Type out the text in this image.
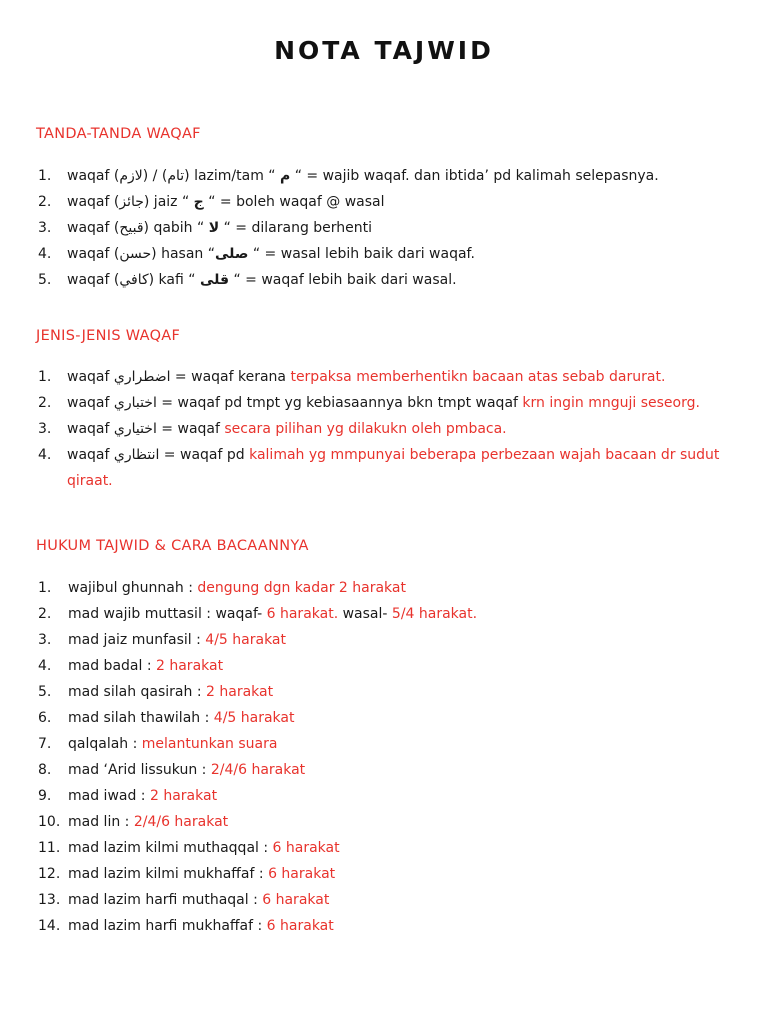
NOTA TAJWID
TANDA-TANDA WAQAF
1.	waqaf (لازم) / (تام) lazim/tam “ م “ = wajib waqaf. dan ibtida’ pd kalimah selepasnya.
2.	waqaf (جائز) jaiz “ ج “ = boleh waqaf @ wasal
3.	waqaf (قبيح) qabih “ لا “ = dilarang berhenti
4.	waqaf (حسن) hasan “صلى “ = wasal lebih baik dari waqaf.
5.	waqaf (كافي) kafi “ قلى “ = waqaf lebih baik dari wasal.
JENIS-JENIS WAQAF
1.	waqaf اضطراري = waqaf kerana terpaksa memberhentikn bacaan atas sebab darurat.
2.	waqaf اختباري = waqaf pd tmpt yg kebiasaannya bkn tmpt waqaf krn ingin mnguji seseorg.
3.	waqaf اختياري = waqaf secara pilihan yg dilakukn oleh pmbaca.
4.	waqaf انتظاري = waqaf pd kalimah yg mmpunyai beberapa perbezaan wajah bacaan dr sudut qiraat.
HUKUM TAJWID & CARA BACAANNYA
1.	wajibul ghunnah : dengung dgn kadar 2 harakat
2.	mad wajib muttasil : waqaf- 6 harakat. wasal- 5/4 harakat.
3.	mad jaiz munfasil : 4/5 harakat
4.	mad badal : 2 harakat
5.	mad silah qasirah : 2 harakat
6.	mad silah thawilah : 4/5 harakat
7.	qalqalah : melantunkan suara
8.	mad ‘Arid lissukun : 2/4/6 harakat
9.	mad iwad : 2 harakat
10. mad lin : 2/4/6 harakat
11. mad lazim kilmi muthaqqal : 6 harakat
12. mad lazim kilmi mukhaffaf : 6 harakat
13. mad lazim harfi muthaqal : 6 harakat
14. mad lazim harfi mukhaffaf : 6 harakat
